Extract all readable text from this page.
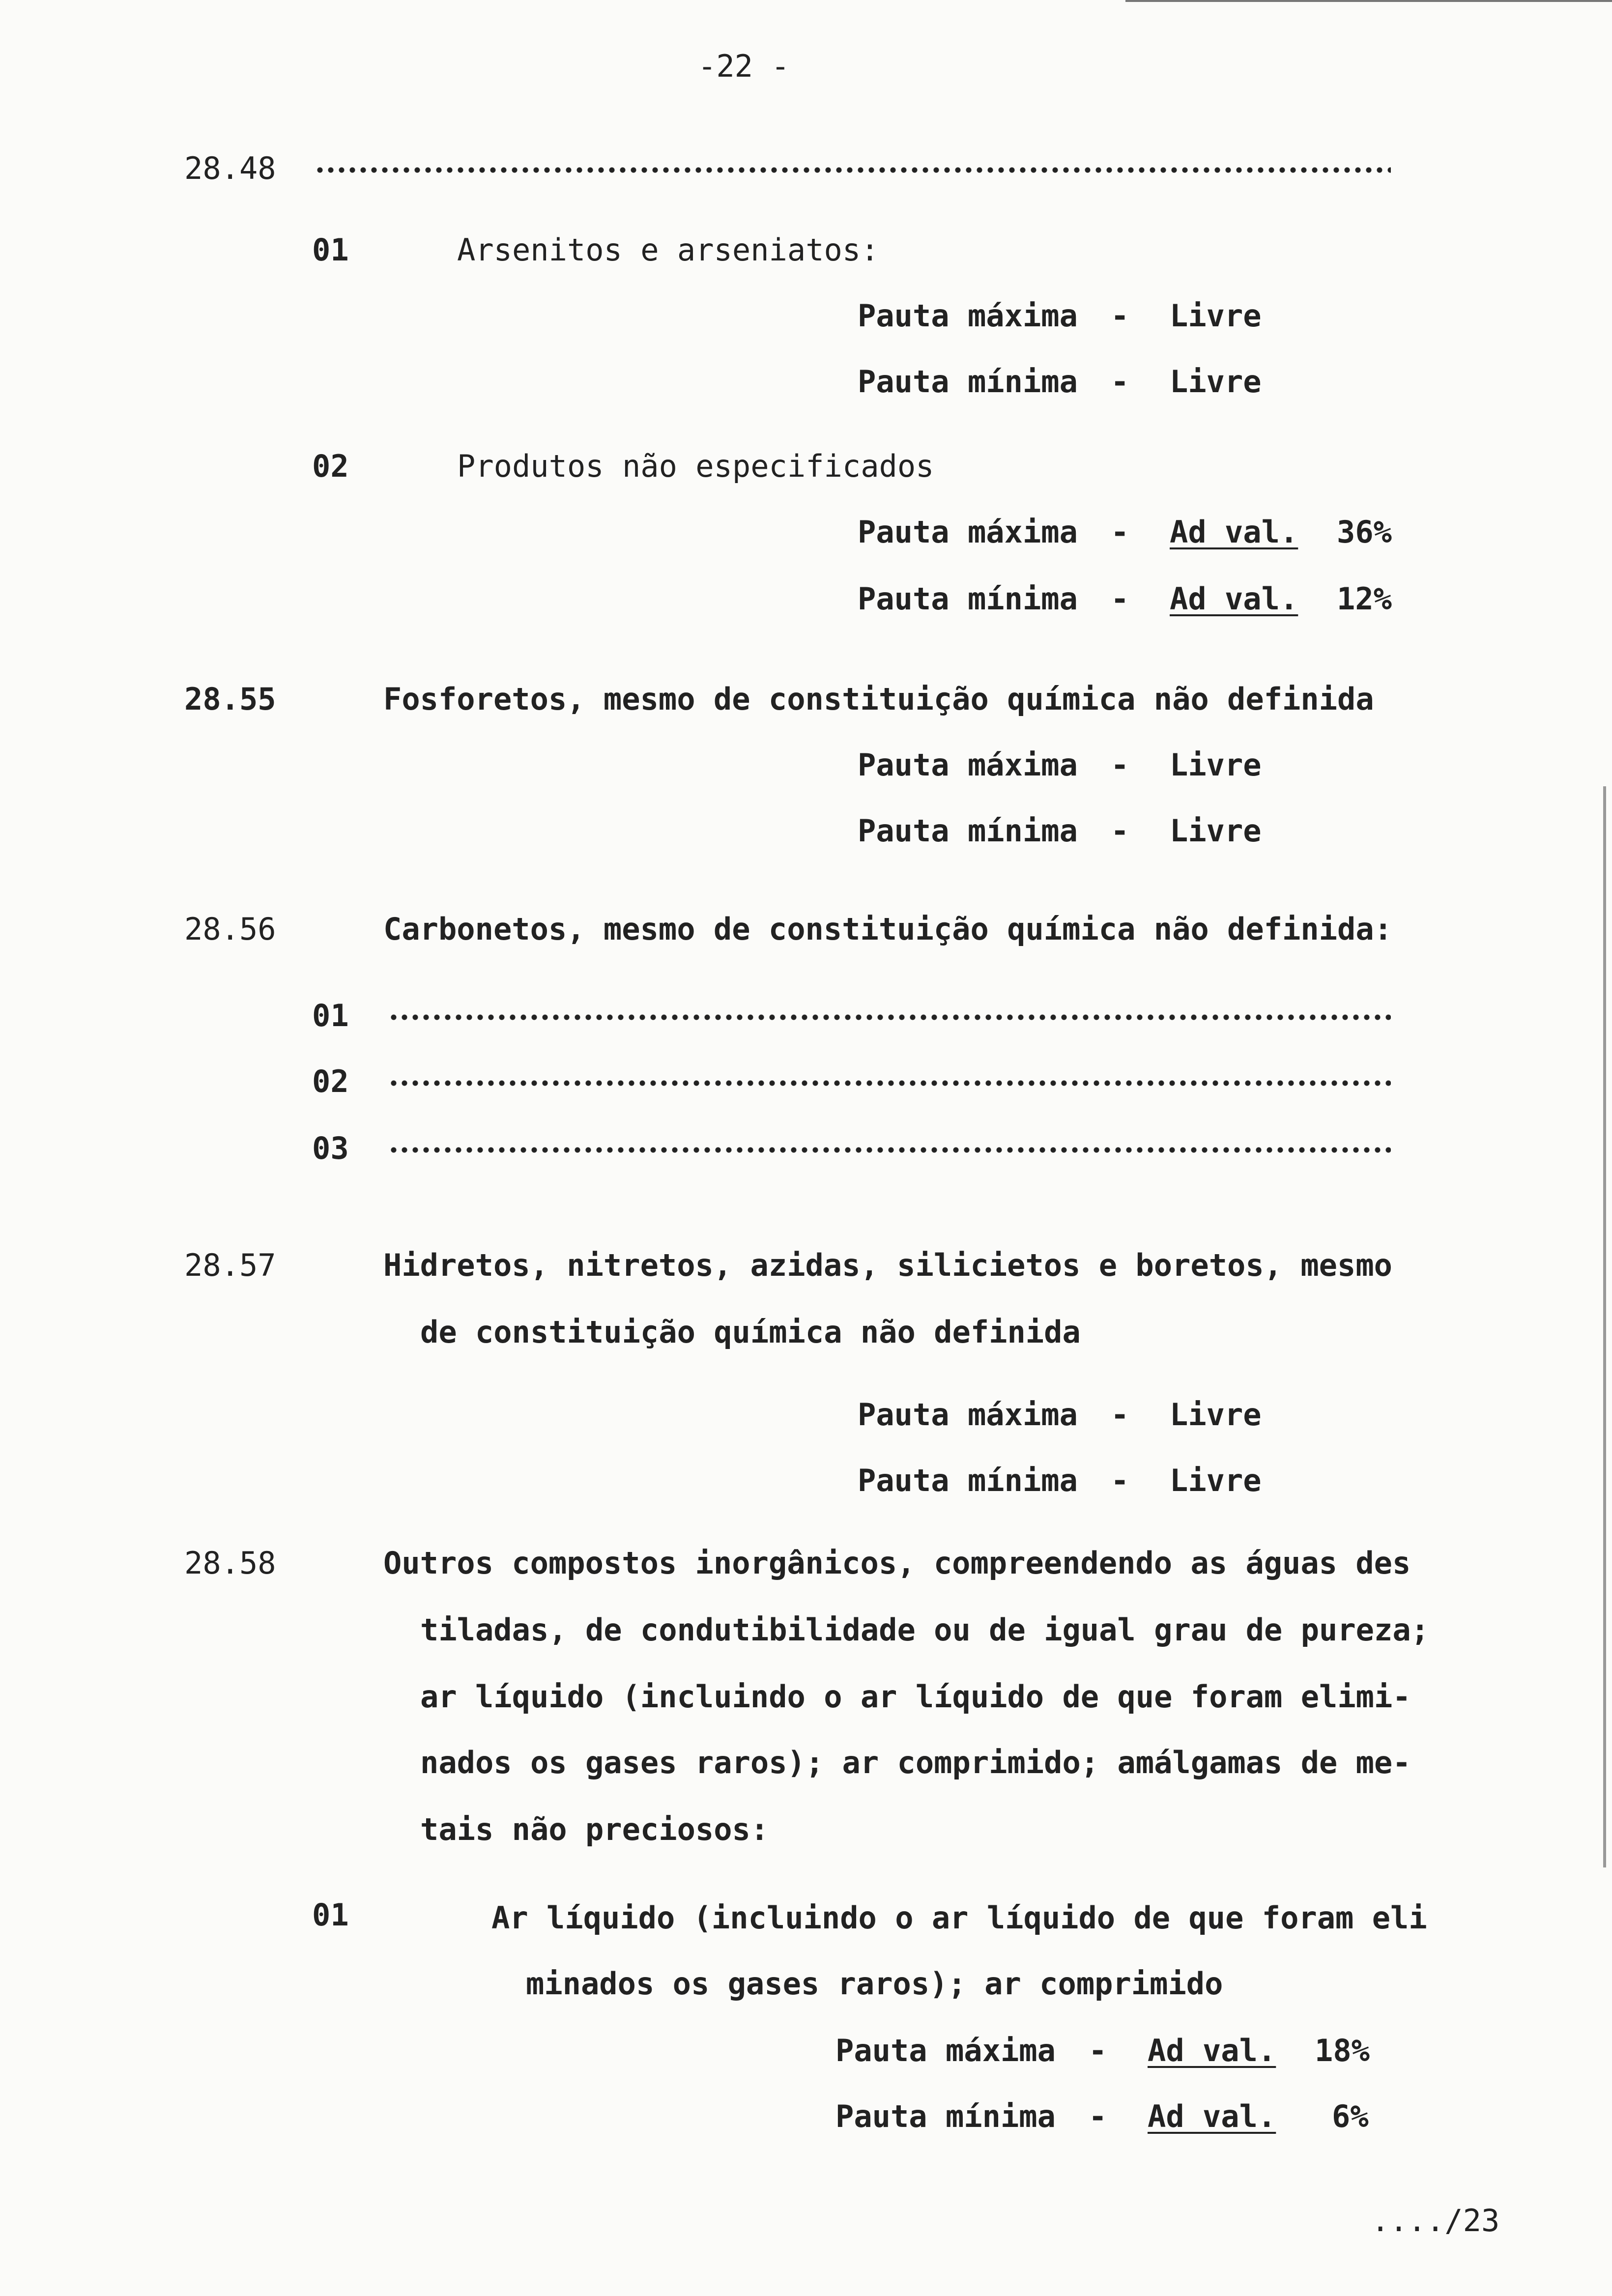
-22 -
28.48
01	Arsenitos e arseniatos:
Pauta máxima - Livre
Pauta mínima - Livre
02	Produtos não especificados
Pauta máxima - Ad val. 36%
Pauta mínima - Ad val. 12%
28.55	Fosforetos, mesmo de constituição química não definida
Pauta máxima - Livre
Pauta mínima - Livre
28.56	Carbonetos, mesmo de constituição química não definida:
01
02
03
28.57	Hidretos, nitretos, azidas, silicietos e boretos, mesmo
de constituição química não definida
Pauta máxima - Livre
Pauta mínima - Livre
28.58	Outros compostos inorgânicos, compreendendo as águas des
tiladas, de condutibilidade ou de igual grau de pureza;
ar líquido (incluindo o ar líquido de que foram elimi-
nados os gases raros); ar comprimido; amálgamas de me-
tais não preciosos:
01	Ar líquido (incluindo o ar líquido de que foram eli
minados os gases raros); ar comprimido
Pauta máxima - Ad val. 18%
Pauta mínima - Ad val. 6%
..../23
